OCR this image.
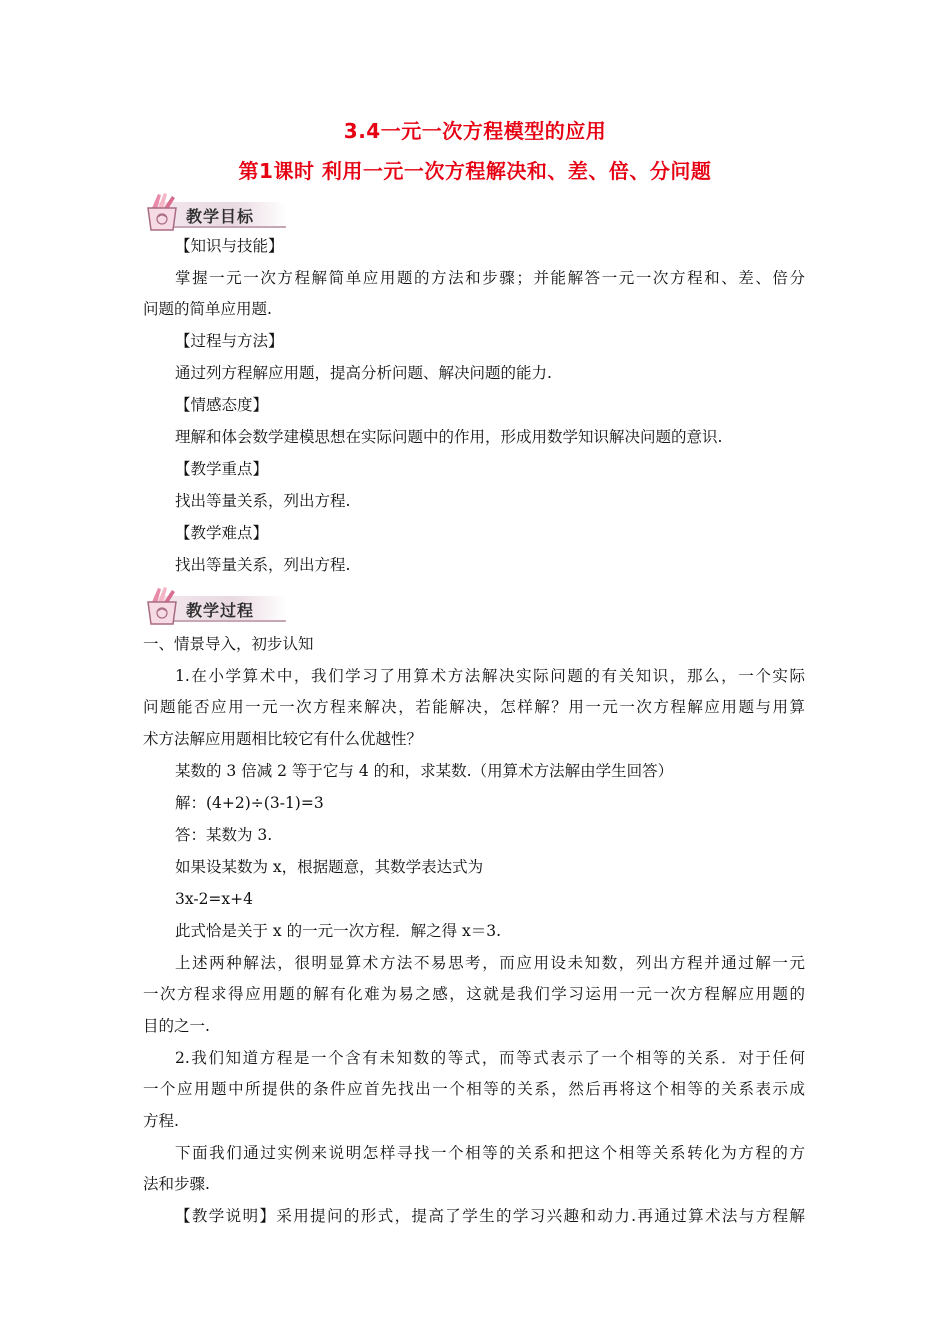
3.4一元一次方程模型的应用
第1课时 利用一元一次方程解决和、差、倍、分问题
教学目标

【知识与技能】

掌握一元一次方程解简单应用题的方法和步骤；并能解答一元一次方程和、差、倍分

问题的简单应用题.

【过程与方法】

通过列方程解应用题，提高分析问题、解决问题的能力.

【情感态度】

理解和体会数学建模思想在实际问题中的作用，形成用数学知识解决问题的意识.

【教学重点】

找出等量关系，列出方程.

【教学难点】

找出等量关系，列出方程.

教学过程

一、情景导入，初步认知

1.在小学算术中，我们学习了用算术方法解决实际问题的有关知识，那么，一个实际

问题能否应用一元一次方程来解决，若能解决，怎样解？用一元一次方程解应用题与用算

术方法解应用题相比较它有什么优越性？

某数的 3 倍减 2 等于它与 4 的和，求某数.（用算术方法解由学生回答）

解：(4+2)÷(3-1)=3

答：某数为 3.

如果设某数为 x，根据题意，其数学表达式为

3x-2=x+4

此式恰是关于 x 的一元一次方程．解之得 x＝3.

上述两种解法，很明显算术方法不易思考，而应用设未知数，列出方程并通过解一元

一次方程求得应用题的解有化难为易之感，这就是我们学习运用一元一次方程解应用题的

目的之一.

2.我们知道方程是一个含有未知数的等式，而等式表示了一个相等的关系．对于任何

一个应用题中所提供的条件应首先找出一个相等的关系，然后再将这个相等的关系表示成

方程.

下面我们通过实例来说明怎样寻找一个相等的关系和把这个相等关系转化为方程的方

法和步骤.

【教学说明】采用提问的形式，提高了学生的学习兴趣和动力.再通过算术法与方程解
